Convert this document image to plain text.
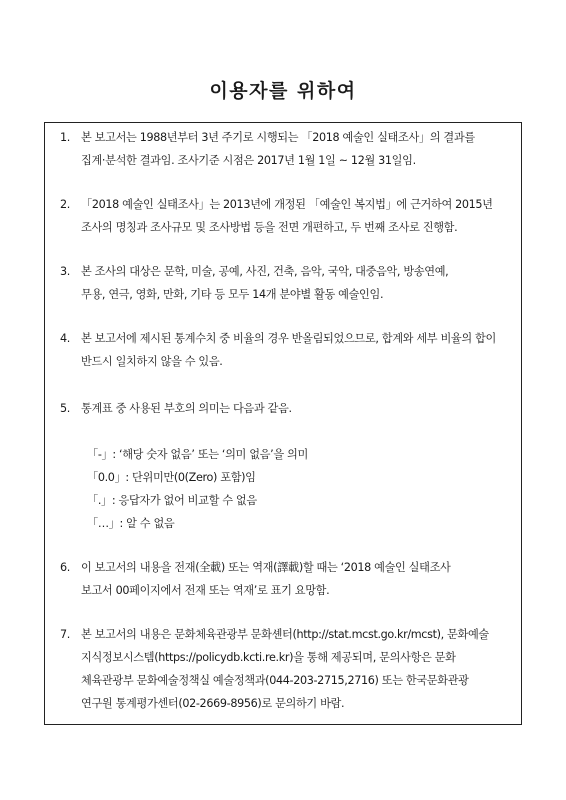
이용자를 위하여
1. 본 보고서는 1988년부터 3년 주기로 시행되는 「2018 예술인 실태조사」의 결과를
집계·분석한 결과임. 조사기준 시점은 2017년 1월 1일 ~ 12월 31일임.
2. 「2018 예술인 실태조사」는 2013년에 개정된 「예술인 복지법」에 근거하여 2015년
조사의 명칭과 조사규모 및 조사방법 등을 전면 개편하고, 두 번째 조사로 진행함.
3. 본 조사의 대상은 문학, 미술, 공예, 사진, 건축, 음악, 국악, 대중음악, 방송연예,
무용, 연극, 영화, 만화, 기타 등 모두 14개 분야별 활동 예술인임.
4. 본 보고서에 제시된 통계수치 중 비율의 경우 반올림되었으므로, 합계와 세부 비율의 합이
반드시 일치하지 않을 수 있음.
5. 통계표 중 사용된 부호의 의미는 다음과 같음.
「-」: ‘해당 숫자 없음’ 또는 ‘의미 없음’을 의미
「0.0」: 단위미만(0(Zero) 포함)임
「.」: 응답자가 없어 비교할 수 없음
「…」: 알 수 없음
6. 이 보고서의 내용을 전재(全載) 또는 역재(譯載)할 때는 ‘2018 예술인 실태조사
보고서 00페이지에서 전재 또는 역재’로 표기 요망함.
7. 본 보고서의 내용은 문화체육관광부 문화셴터(http://stat.mcst.go.kr/mcst), 문화예술
지식정보시스템(https://policydb.kcti.re.kr)을 통해 제공되며, 문의사항은 문화
체육관광부 문화예술정책실 예술정책과(044-203-2715,2716) 또는 한국문화관광
연구원 통계평가센터(02-2669-8956)로 문의하기 바람.
